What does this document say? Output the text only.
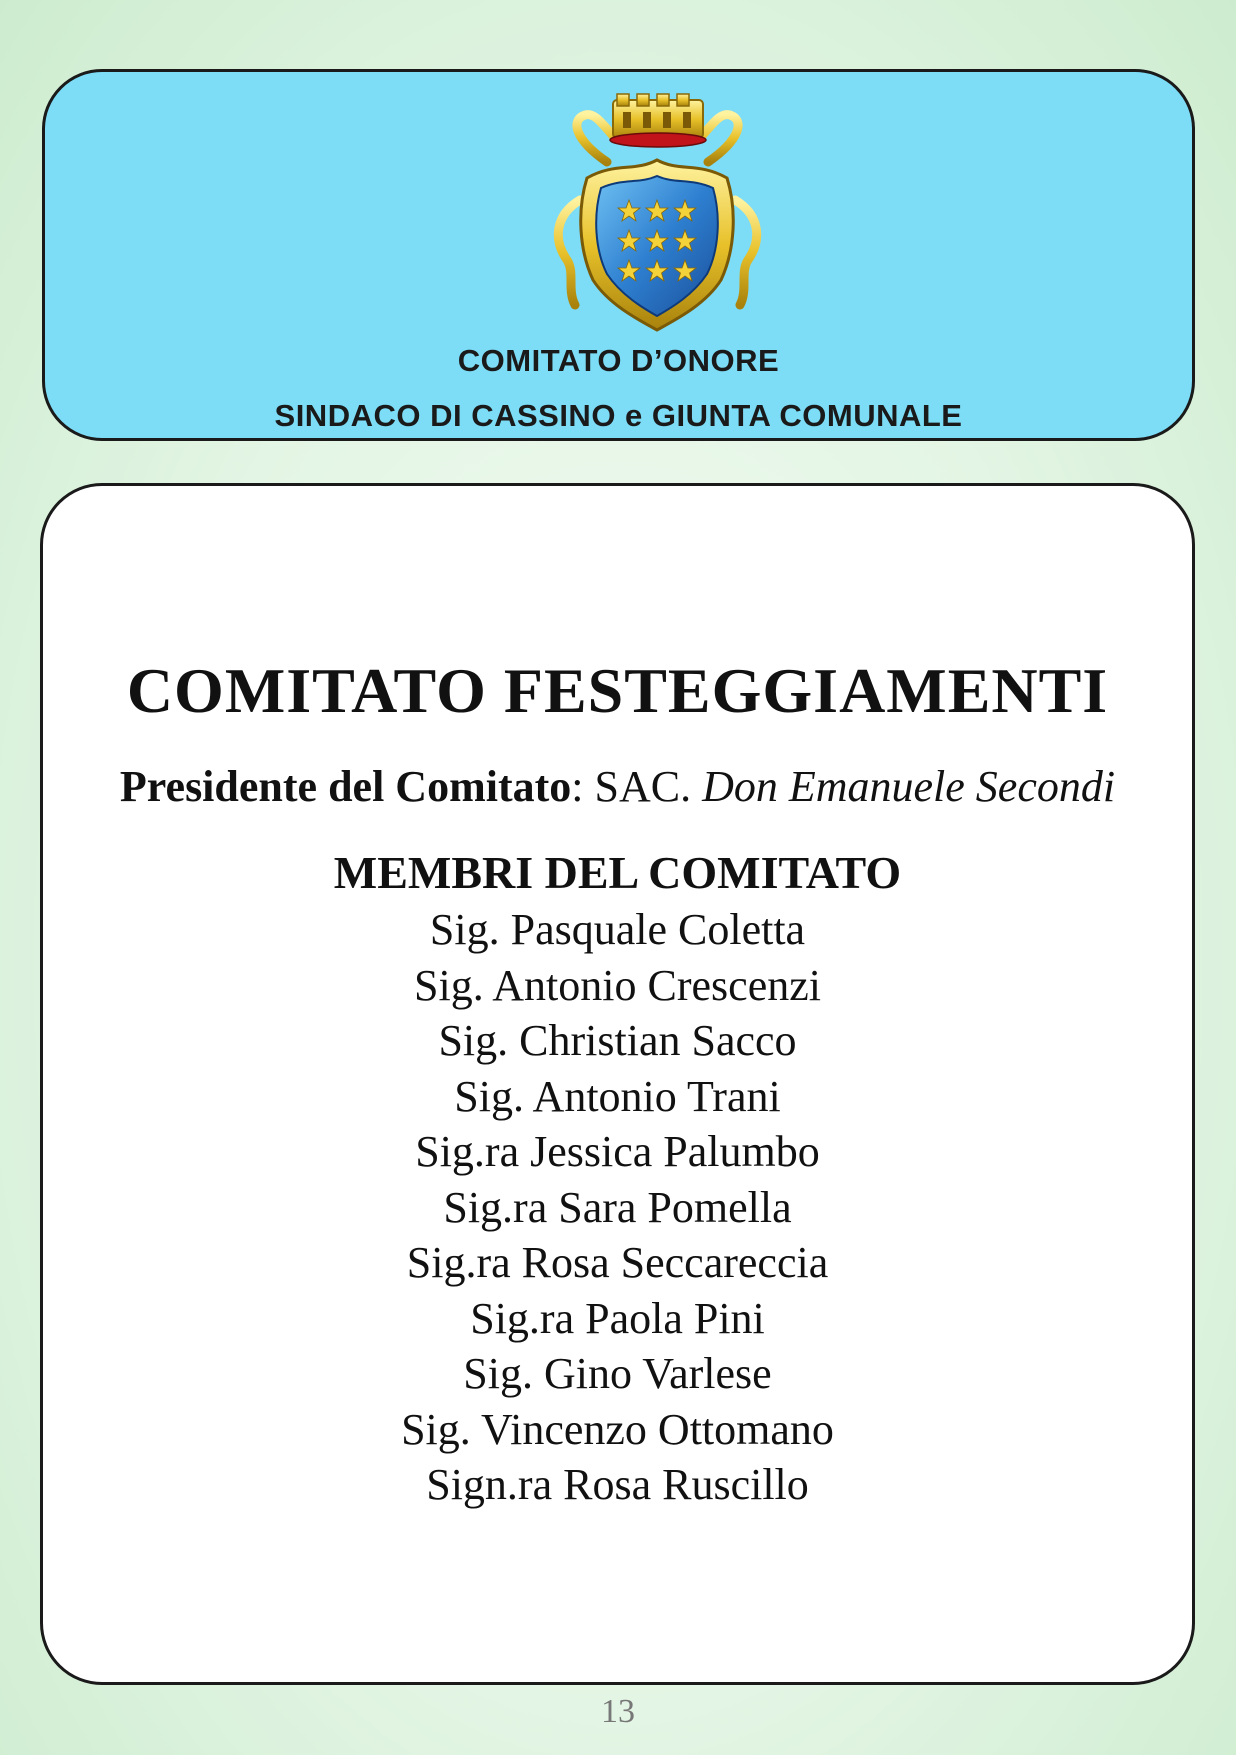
COMITATO D’ONORE
SINDACO DI CASSINO e GIUNTA COMUNALE
COMITATO FESTEGGIAMENTI
Presidente del Comitato: SAC. Don Emanuele Secondi
MEMBRI DEL COMITATO
Sig. Pasquale Coletta
Sig. Antonio Crescenzi
Sig. Christian Sacco
Sig. Antonio Trani
Sig.ra Jessica Palumbo
Sig.ra Sara Pomella
Sig.ra Rosa Seccareccia
Sig.ra Paola Pini
Sig. Gino Varlese
Sig. Vincenzo Ottomano
Sign.ra Rosa Ruscillo
13
